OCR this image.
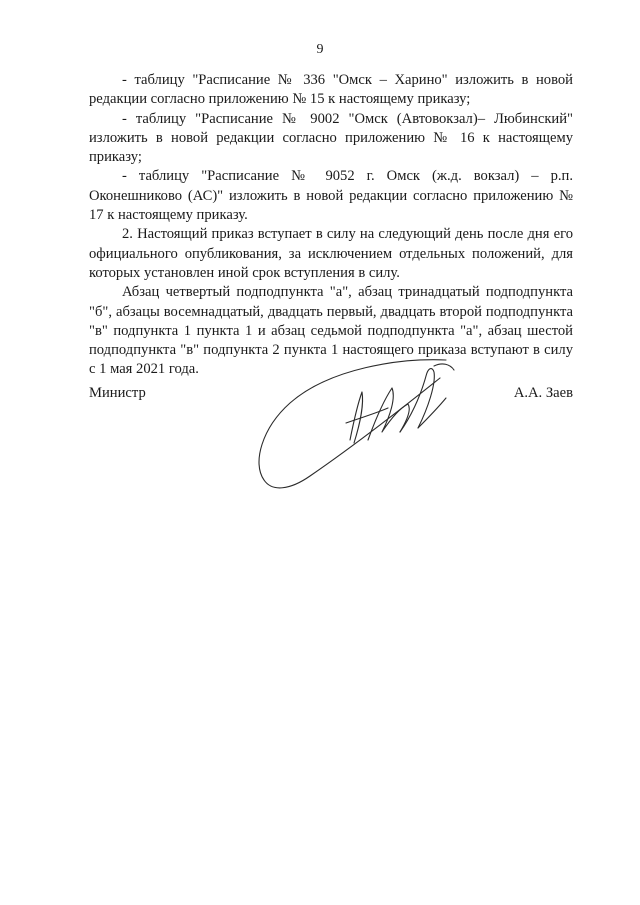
9

- таблицу "Расписание № 336 "Омск – Харино" изложить в новой редакции согласно приложению № 15 к настоящему приказу;

- таблицу "Расписание № 9002 "Омск (Автовокзал)– Любинский" изложить в новой редакции согласно приложению № 16 к настоящему приказу;

- таблицу "Расписание № 9052 г. Омск (ж.д. вокзал) – р.п. Оконешниково (АС)" изложить в новой редакции согласно приложению № 17 к настоящему приказу.

2. Настоящий приказ вступает в силу на следующий день после дня его официального опубликования, за исключением отдельных положений, для которых установлен иной срок вступления в силу.

Абзац четвертый подподпункта "а", абзац тринадцатый подподпункта "б", абзацы восемнадцатый, двадцать первый, двадцать второй подподпункта "в" подпункта 1 пункта 1 и абзац седьмой подподпункта "а", абзац шестой подподпункта "в" подпункта 2 пункта 1 настоящего приказа вступают в силу с 1 мая 2021 года.

Министр	А.А. Заев
